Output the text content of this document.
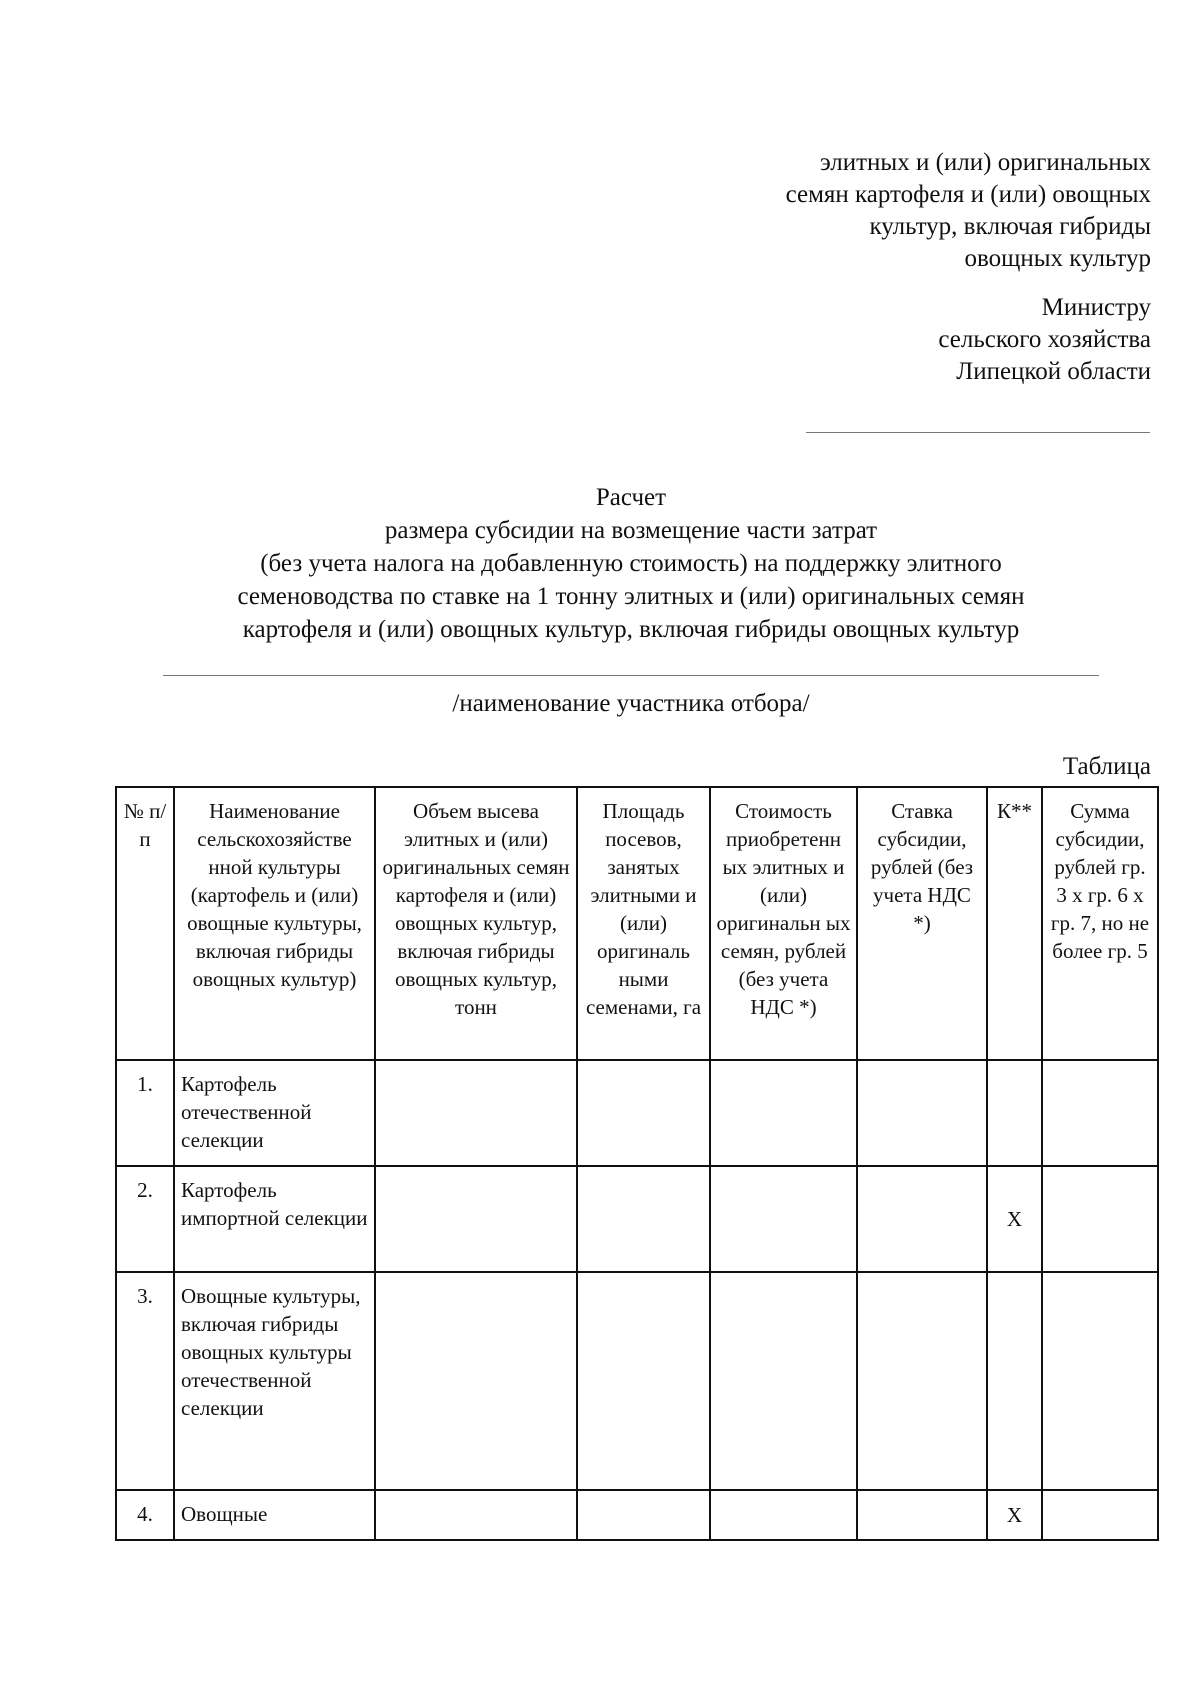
элитных и (или) оригинальных
семян картофеля и (или) овощных
культур, включая гибриды
овощных культур
Министру
сельского хозяйства
Липецкой области
Расчет
размера субсидии на возмещение части затрат
(без учета налога на добавленную стоимость) на поддержку элитного
семеноводства по ставке на 1 тонну элитных и (или) оригинальных семян
картофеля и (или) овощных культур, включая гибриды овощных культур
/наименование участника отбора/
Таблица
№ п/п	Наименование сельскохозяйстве нной культуры (картофель и (или) овощные культуры, включая гибриды овощных культур)	Объем высева элитных и (или) оригинальных семян картофеля и (или) овощных культур, включая гибриды овощных культур, тонн	Площадь посевов, занятых элитными и (или) оригиналь ными семенами, га	Стоимость приобретенн ых элитных и (или) оригинальн ых семян, рублей (без учета НДС *)	Ставка субсидии, рублей (без учета НДС *)	К**	Сумма субсидии, рублей гр. 3 х гр. 6 х гр. 7, но не более гр. 5
1.	Картофель отечественной селекции						
2.	Картофель импортной селекции					X	
3.	Овощные культуры, включая гибриды овощных культуры отечественной селекции						
4.	Овощные					X	
